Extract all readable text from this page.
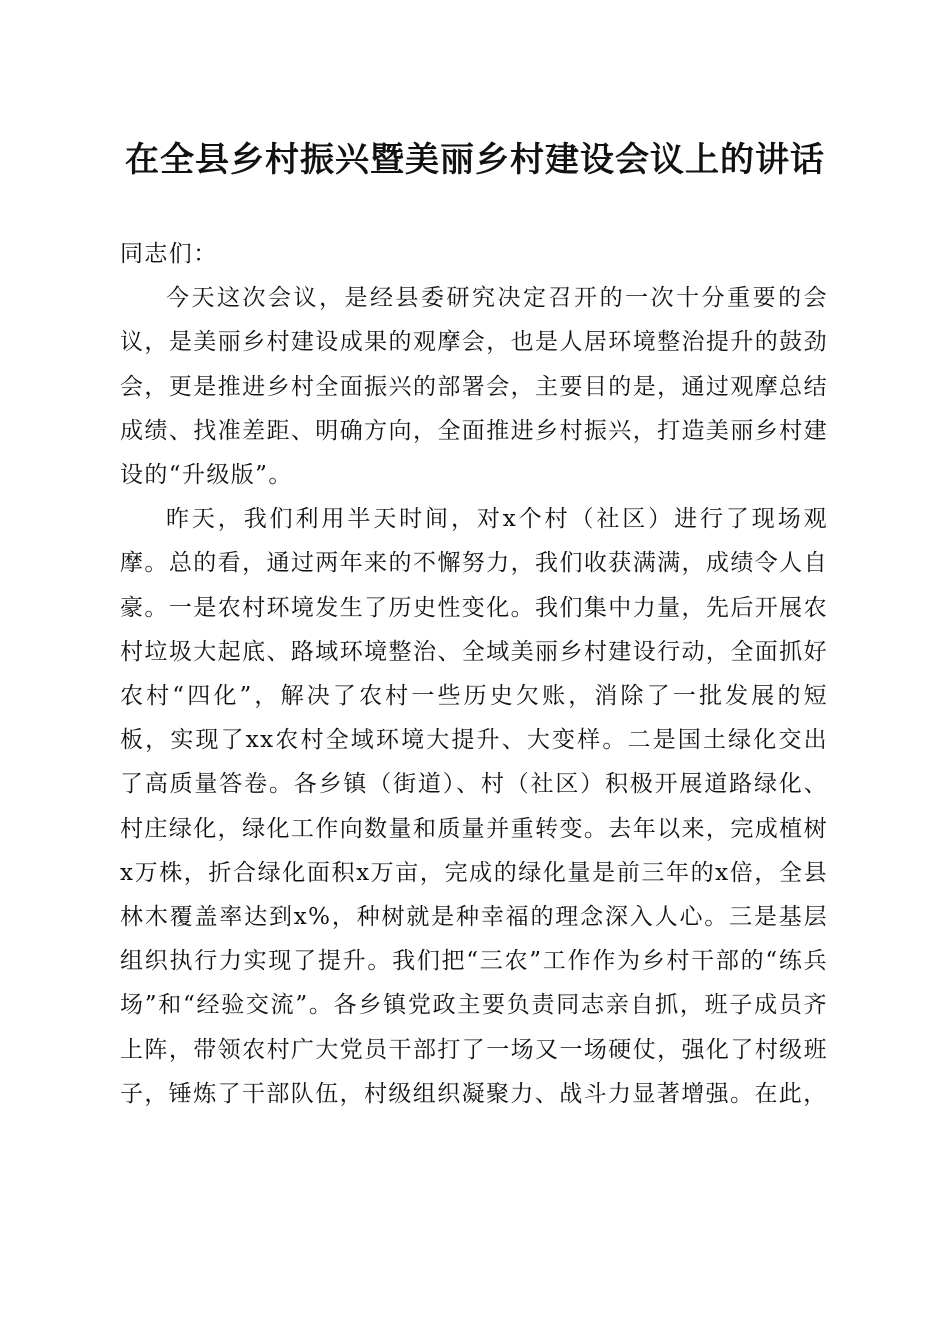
在全县乡村振兴暨美丽乡村建设会议上的讲话

同志们：

今天这次会议，是经县委研究决定召开的一次十分重要的会议，是美丽乡村建设成果的观摩会，也是人居环境整治提升的鼓劲会，更是推进乡村全面振兴的部署会，主要目的是，通过观摩总结成绩、找准差距、明确方向，全面推进乡村振兴，打造美丽乡村建设的“升级版”。

昨天，我们利用半天时间，对x个村（社区）进行了现场观摩。总的看，通过两年来的不懈努力，我们收获满满，成绩令人自豪。一是农村环境发生了历史性变化。我们集中力量，先后开展农村垃圾大起底、路域环境整治、全域美丽乡村建设行动，全面抓好农村“四化”，解决了农村一些历史欠账，消除了一批发展的短板，实现了xx农村全域环境大提升、大变样。二是国土绿化交出了高质量答卷。各乡镇（街道）、村（社区）积极开展道路绿化、村庄绿化，绿化工作向数量和质量并重转变。去年以来，完成植树x万株，折合绿化面积x万亩，完成的绿化量是前三年的x倍，全县林木覆盖率达到x%，种树就是种幸福的理念深入人心。三是基层组织执行力实现了提升。我们把“三农”工作作为乡村干部的“练兵场”和“经验交流”。各乡镇党政主要负责同志亲自抓，班子成员齐上阵，带领农村广大党员干部打了一场又一场硬仗，强化了村级班子，锤炼了干部队伍，村级组织凝聚力、战斗力显著增强。在此，
